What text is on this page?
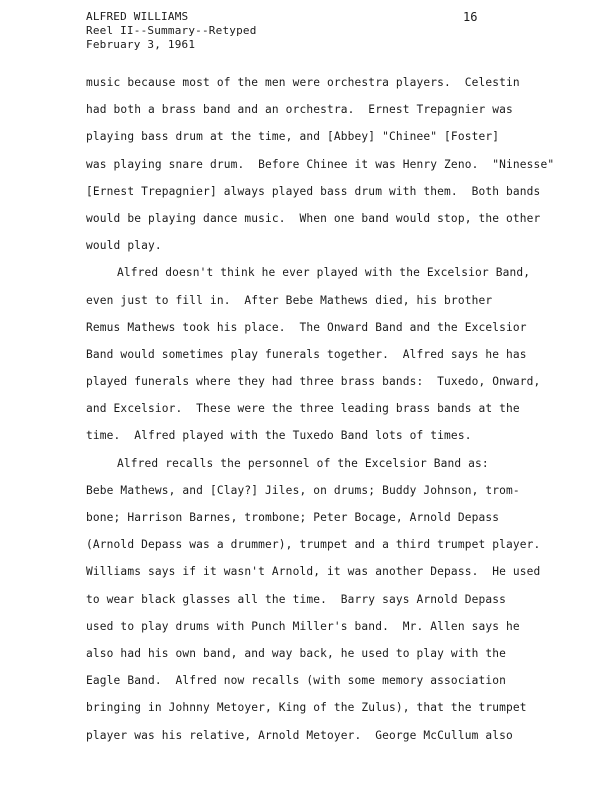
ALFRED WILLIAMS
Reel II--Summary--Retyped
February 3, 1961
16
music because most of the men were orchestra players.  Celestin
had both a brass band and an orchestra.  Ernest Trepagnier was
playing bass drum at the time, and [Abbey] "Chinee" [Foster]
was playing snare drum.  Before Chinee it was Henry Zeno.  "Ninesse"
[Ernest Trepagnier] always played bass drum with them.  Both bands
would be playing dance music.  When one band would stop, the other
would play.
Alfred doesn't think he ever played with the Excelsior Band,
even just to fill in.  After Bebe Mathews died, his brother
Remus Mathews took his place.  The Onward Band and the Excelsior
Band would sometimes play funerals together.  Alfred says he has
played funerals where they had three brass bands:  Tuxedo, Onward,
and Excelsior.  These were the three leading brass bands at the
time.  Alfred played with the Tuxedo Band lots of times.
Alfred recalls the personnel of the Excelsior Band as:
Bebe Mathews, and [Clay?] Jiles, on drums; Buddy Johnson, trom-
bone; Harrison Barnes, trombone; Peter Bocage, Arnold Depass
(Arnold Depass was a drummer), trumpet and a third trumpet player.
Williams says if it wasn't Arnold, it was another Depass.  He used
to wear black glasses all the time.  Barry says Arnold Depass
used to play drums with Punch Miller's band.  Mr. Allen says he
also had his own band, and way back, he used to play with the
Eagle Band.  Alfred now recalls (with some memory association
bringing in Johnny Metoyer, King of the Zulus), that the trumpet
player was his relative, Arnold Metoyer.  George McCullum also
